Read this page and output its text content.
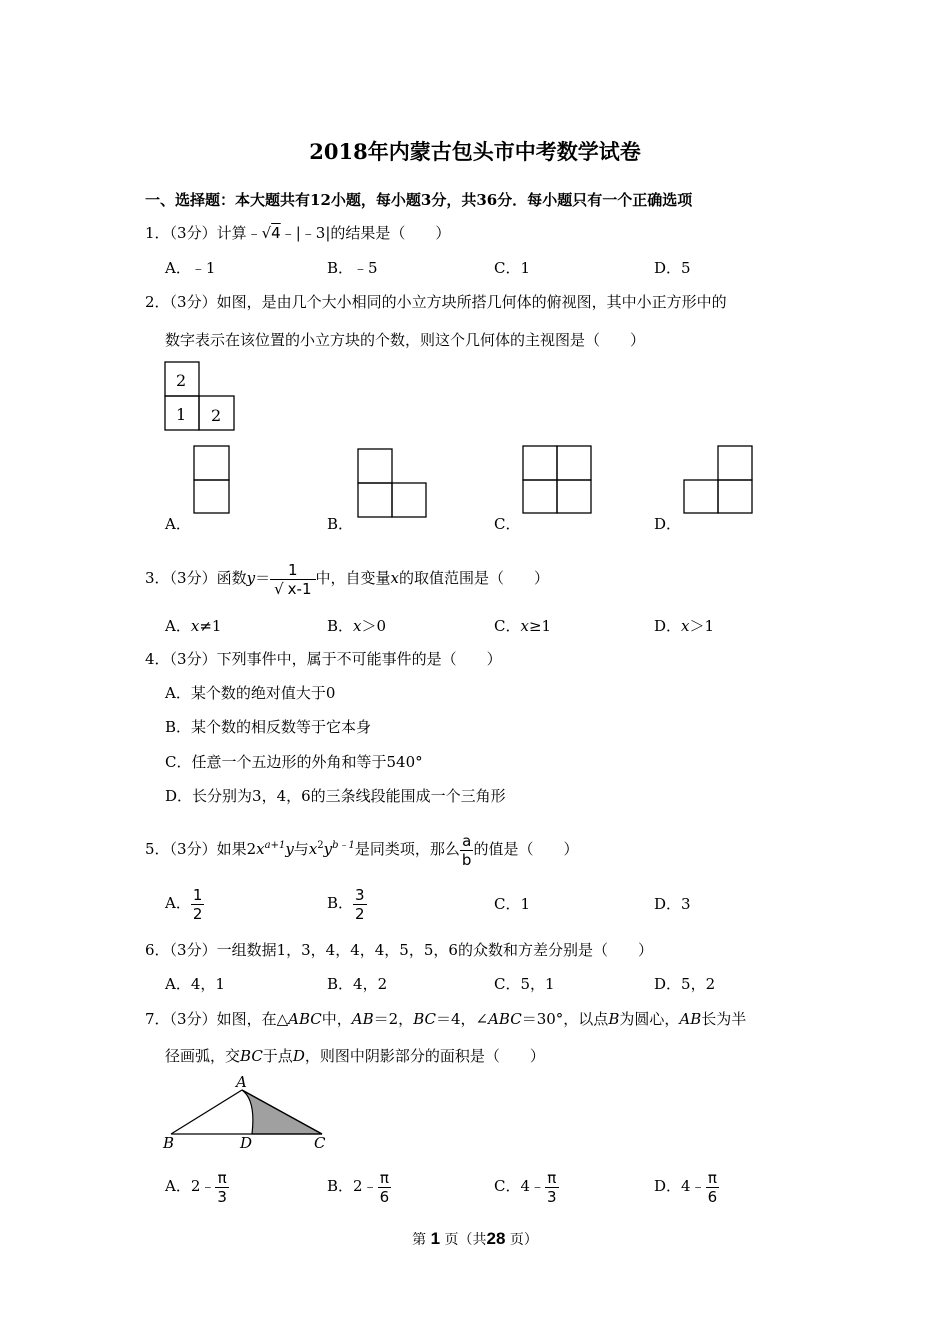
2018年内蒙古包头市中考数学试卷
一、选择题：本大题共有12小题，每小题3分，共36分．每小题只有一个正确选项
1．（3分）计算﹣√4﹣|﹣3|的结果是（　　）
A．﹣1	B．﹣5	C．1	D．5
2．（3分）如图，是由几个大小相同的小立方块所搭几何体的俯视图，其中小正方形中的
数字表示在该位置的小立方块的个数，则这个几何体的主视图是（　　）
2
1 2
A．	B．	C．	D．
3．（3分）函数$y= \frac{1}{√ x-1}$ 中，自变量x的取值范围是（　　）
A．x≠1	B．x＞0	C．x≥1	D．x＞1
4．（3分）下列事件中，属于不可能事件的是（　　）
A．某个数的绝对值大于0
B．某个数的相反数等于它本身
C．任意一个五边形的外角和等于540°
D．长分别为3，4，6的三条线段能围成一个三角形
5．（3分）如果$2x^{a+1}y$与$x^2y^{b﹣1}$是同类项，那么 $\frac{a}{b}$ 的值是（　　）
A． $\frac{1}{2}$	B． $\frac{3}{2}$	C．1	D．3
6．（3分）一组数据1，3，4，4，4，5，5，6的众数和方差分别是（　　）
A．4，1	B．4，2	C．5，1	D．5，2
7．（3分）如图，在△ABC中，AB＝2，BC＝4，∠ABC＝30°，以点B为圆心，AB长为半
径画弧，交BC于点D，则图中阴影部分的面积是（　　）
A
B	D	C
A．2﹣ $\frac{\pi}{3}$	B．2﹣ $\frac{\pi}{6}$	C．4﹣ $\frac{\pi}{3}$	D．4﹣ $\frac{\pi}{6}$
第 1 页（共28 页）
